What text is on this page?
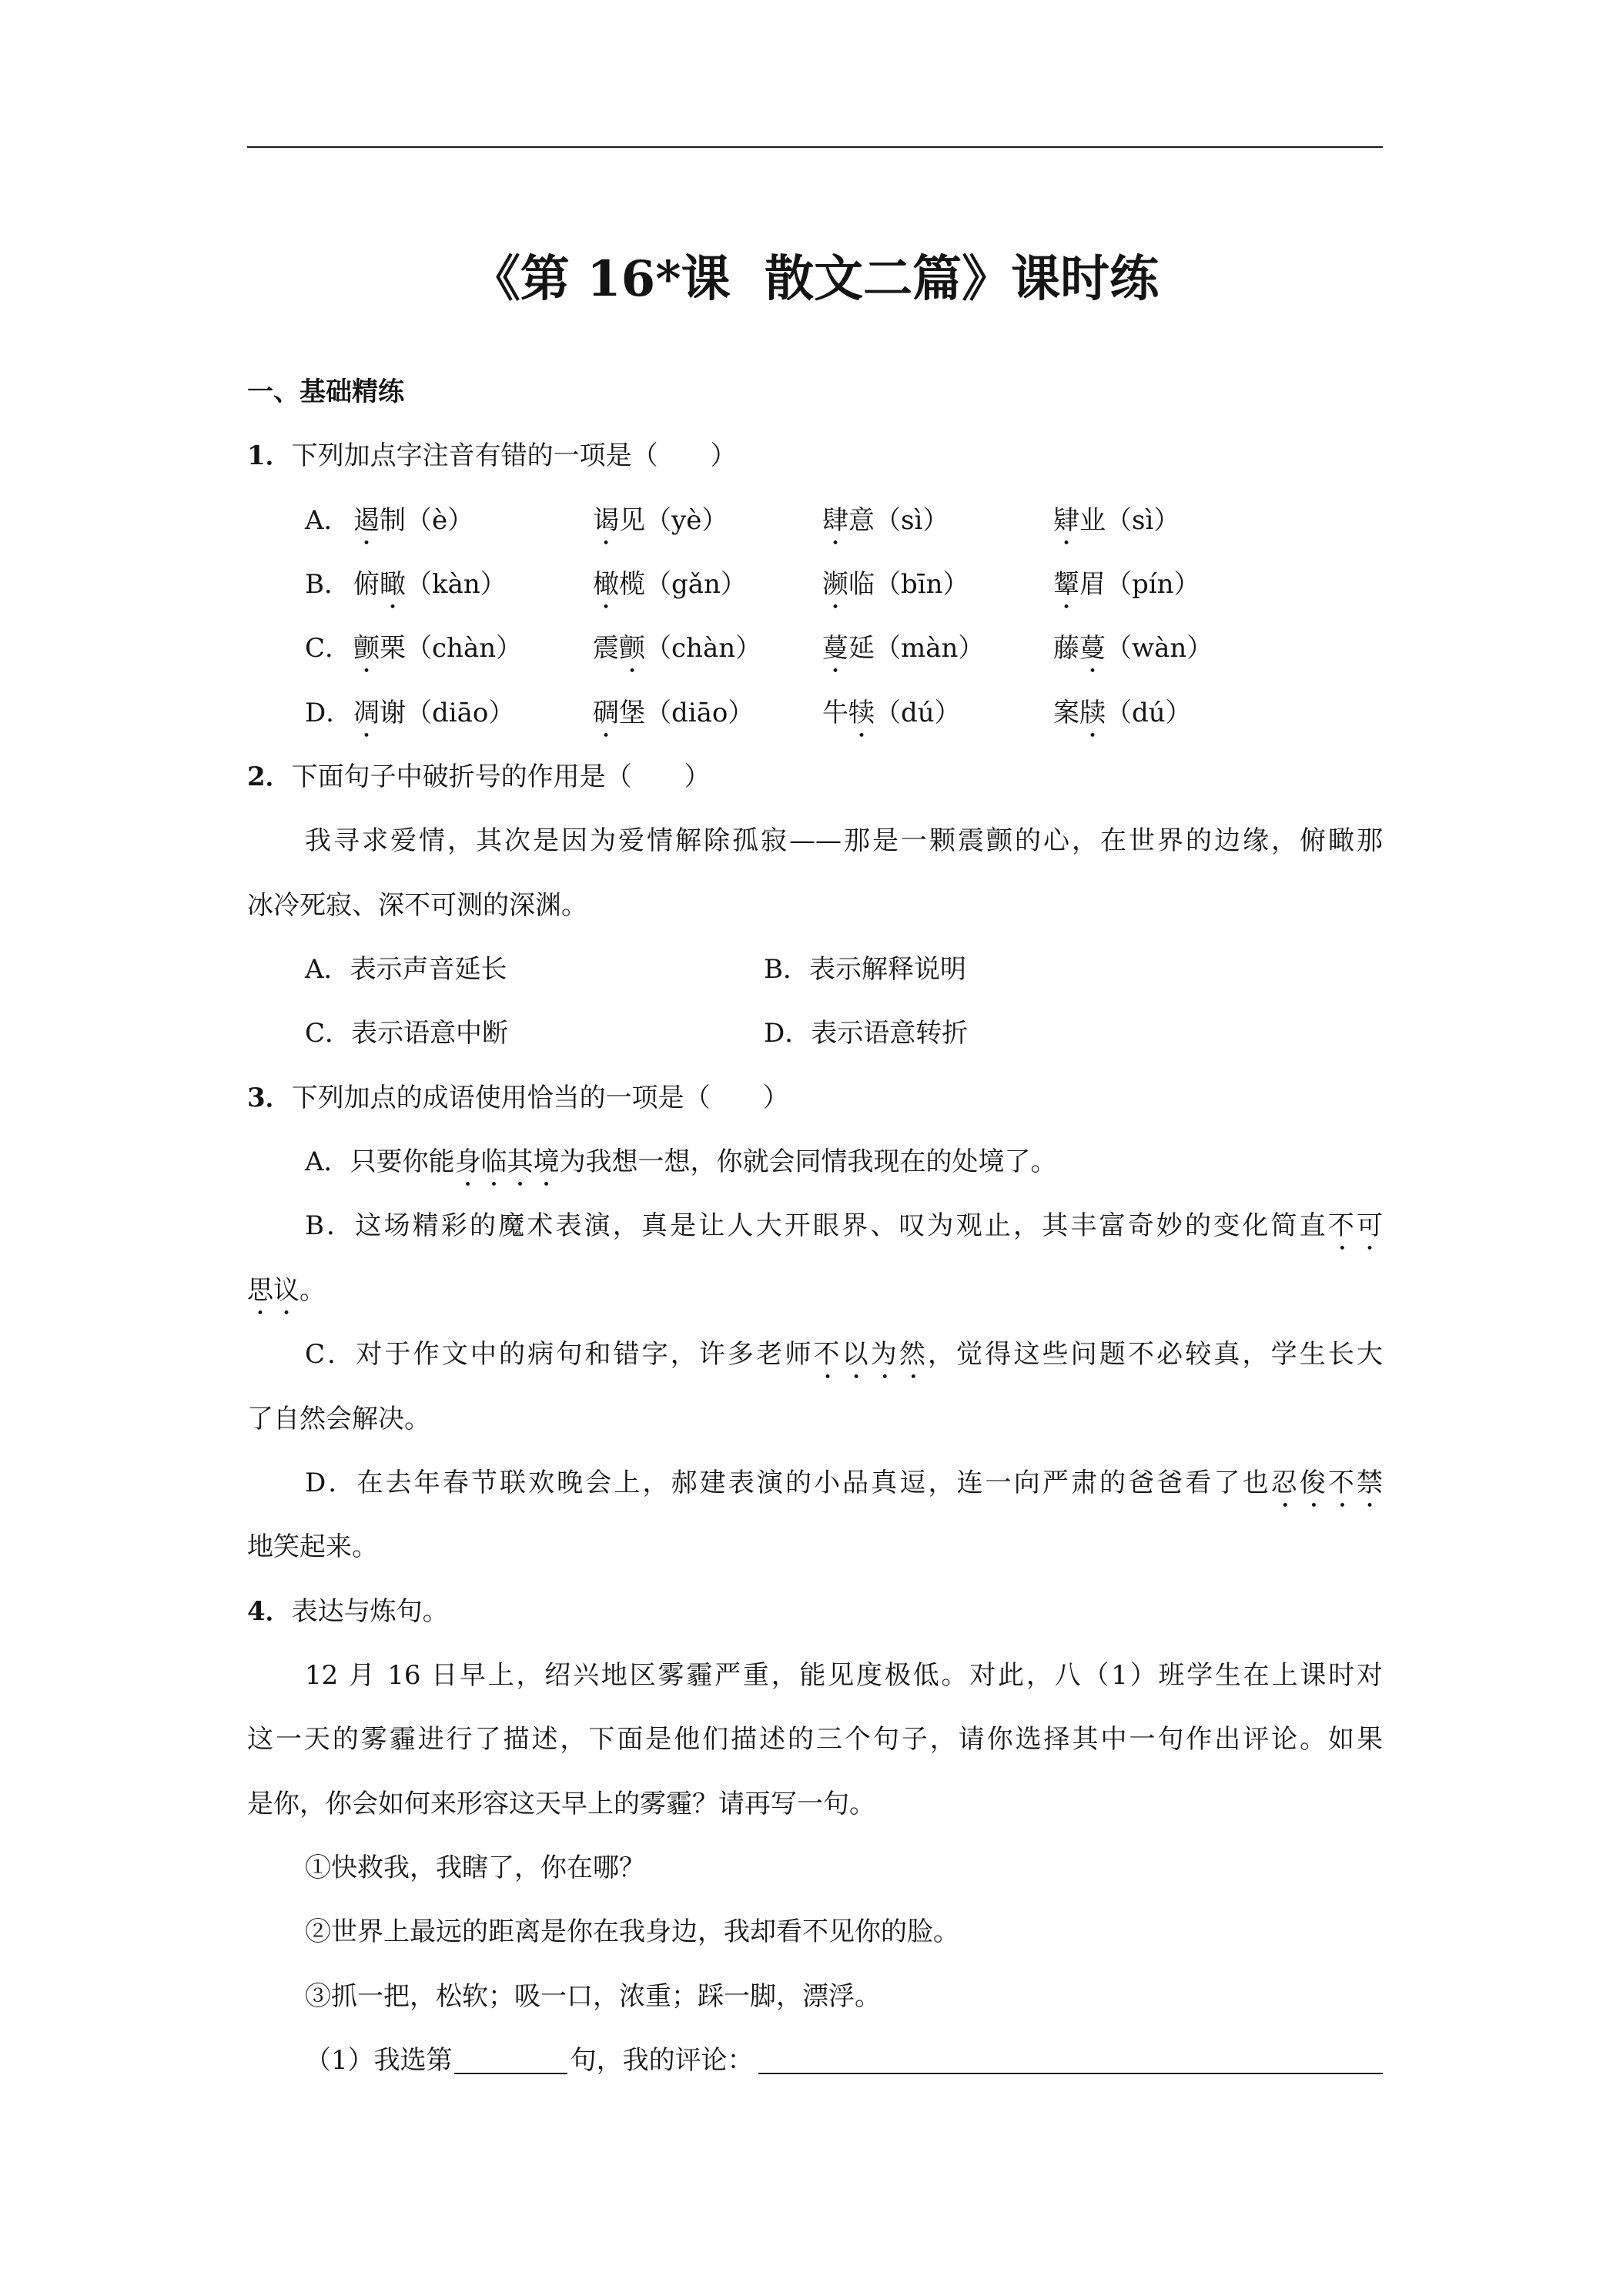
《第 16*课  散文二篇》课时练
一、基础精练
1．下列加点字注音有错的一项是（　　）
A． 遏制（è）	谒见（yè）	肆意（sì）	肄业（sì）
B． 俯瞰（kàn）	橄榄（gǎn）	濒临（bīn）	颦眉（pín）
C． 颤栗（chàn）	震颤（chàn） 蔓延（màn）	藤蔓（wàn）
D． 凋谢（diāo）	碉堡（diāo）	牛犊（dú）	案牍（dú）
2．下面句子中破折号的作用是（　　）
我寻求爱情，其次是因为爱情解除孤寂——那是一颗震颤的心，在世界的边缘，俯瞰那
冰冷死寂、深不可测的深渊。
A．表示声音延长	B．表示解释说明
C．表示语意中断	D．表示语意转折
3．下列加点的成语使用恰当的一项是（　　）
A．只要你能身临其境为我想一想，你就会同情我现在的处境了。
B．这场精彩的魔术表演，真是让人大开眼界、叹为观止，其丰富奇妙的变化简直不可
思议。
C．对于作文中的病句和错字，许多老师不以为然，觉得这些问题不必较真，学生长大
了自然会解决。
D．在去年春节联欢晚会上，郝建表演的小品真逗，连一向严肃的爸爸看了也忍俊不禁
地笑起来。
4．表达与炼句。
12 月 16 日早上，绍兴地区雾霾严重，能见度极低。对此，八（1）班学生在上课时对
这一天的雾霾进行了描述，下面是他们描述的三个句子，请你选择其中一句作出评论。如果
是你，你会如何来形容这天早上的雾霾？请再写一句。
①快救我，我瞎了，你在哪？
②世界上最远的距离是你在我身边，我却看不见你的脸。
③抓一把，松软；吸一口，浓重；踩一脚，漂浮。
（1）我选第	句，我的评论：
